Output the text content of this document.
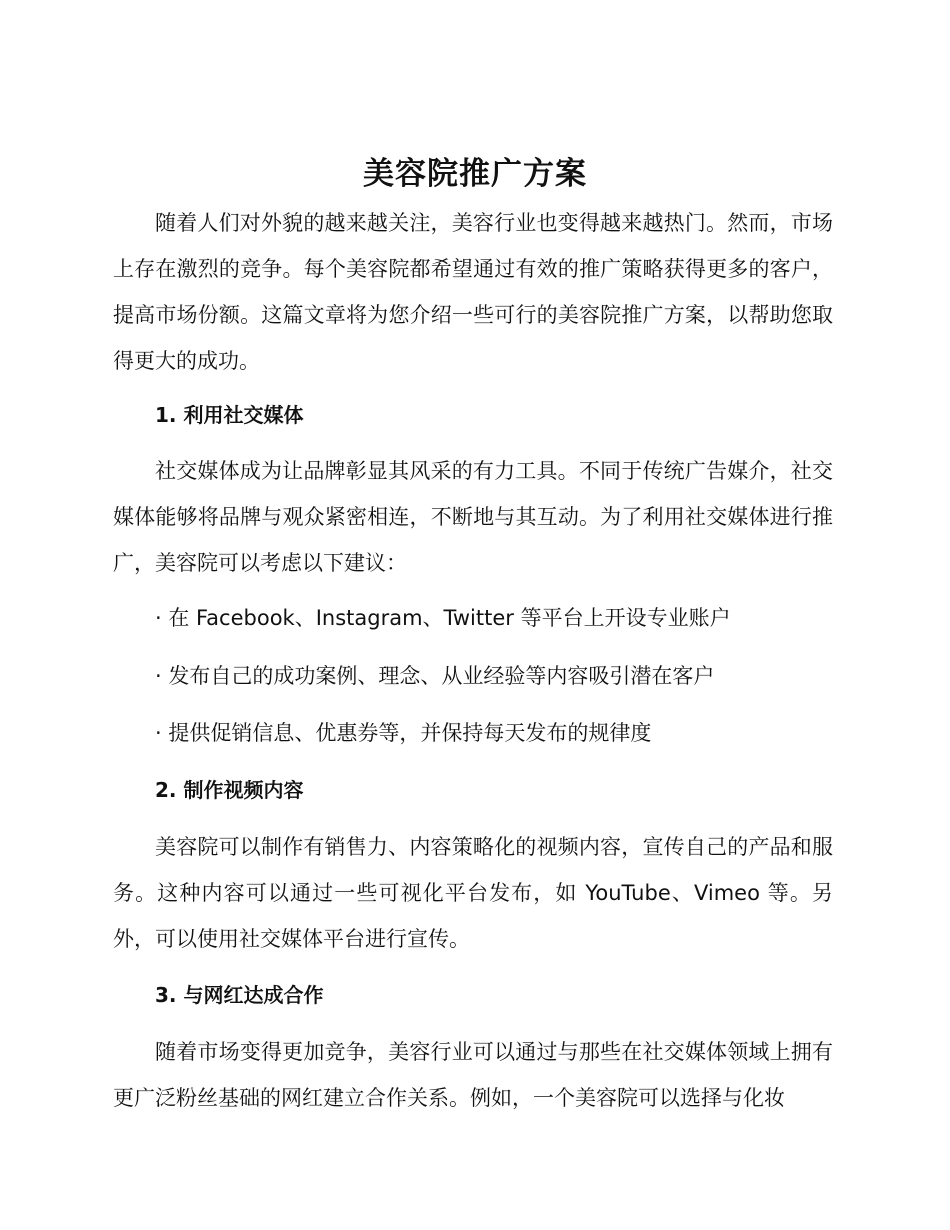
美容院推广方案
随着人们对外貌的越来越关注，美容行业也变得越来越热门。然而，市场上存在激烈的竞争。每个美容院都希望通过有效的推广策略获得更多的客户，提高市场份额。这篇文章将为您介绍一些可行的美容院推广方案，以帮助您取得更大的成功。
1. 利用社交媒体
社交媒体成为让品牌彰显其风采的有力工具。不同于传统广告媒介，社交媒体能够将品牌与观众紧密相连，不断地与其互动。为了利用社交媒体进行推广，美容院可以考虑以下建议：
· 在 Facebook、Instagram、Twitter 等平台上开设专业账户
· 发布自己的成功案例、理念、从业经验等内容吸引潜在客户
· 提供促销信息、优惠券等，并保持每天发布的规律度
2. 制作视频内容
美容院可以制作有销售力、内容策略化的视频内容，宣传自己的产品和服务。这种内容可以通过一些可视化平台发布，如 YouTube、Vimeo 等。另外，可以使用社交媒体平台进行宣传。
3. 与网红达成合作
随着市场变得更加竞争，美容行业可以通过与那些在社交媒体领域上拥有更广泛粉丝基础的网红建立合作关系。例如，一个美容院可以选择与化妆
